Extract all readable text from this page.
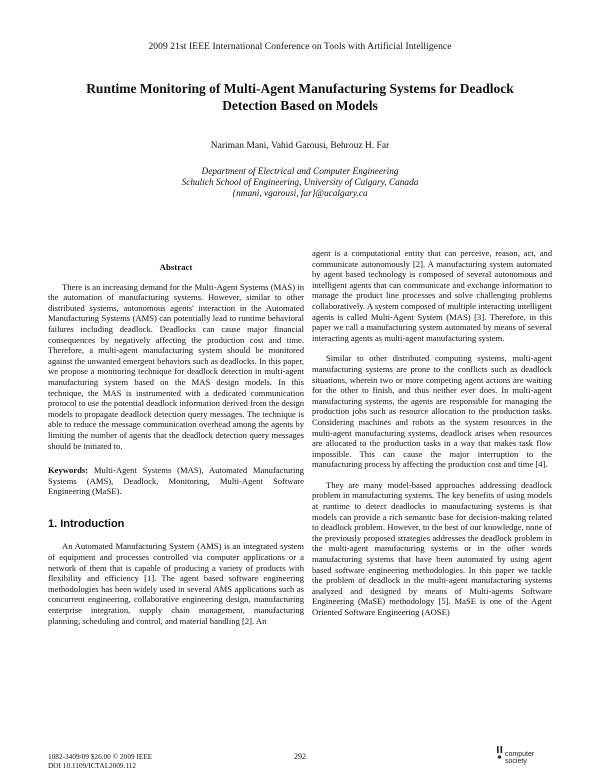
2009 21st IEEE International Conference on Tools with Artificial Intelligence
Runtime Monitoring of Multi-Agent Manufacturing Systems for Deadlock
Detection Based on Models
Nariman Mani, Vahid Garousi, Behrouz H. Far
Department of Electrical and Computer Engineering
Schulich School of Engineering, University of Calgary, Canada
{nmani, vgarousi, far}@ucalgary.ca
Abstract

There is an increasing demand for the Multi-Agent Systems (MAS) in the automation of manufacturing systems. However, similar to other distributed systems, autonomous agents' interaction in the Automated Manufacturing Systems (AMS) can potentially lead to runtime behavioral failures including deadlock. Deadlocks can cause major financial consequences by negatively affecting the production cost and time. Therefore, a multi-agent manufacturing system should be monitored against the unwanted emergent behaviors such as deadlocks. In this paper, we propose a monitoring technique for deadlock detection in multi-agent manufacturing system based on the MAS design models. In this technique, the MAS is instrumented with a dedicated communication protocol to use the potential deadlock information derived from the design models to propagate deadlock detection query messages. The technique is able to reduce the message communication overhead among the agents by limiting the number of agents that the deadlock detection query messages should be initiated to.

Keywords: Multi-Agent Systems (MAS), Automated Manufacturing Systems (AMS), Deadlock, Monitoring, Multi-Agent Software Engineering (MaSE).

1. Introduction

An Automated Manufacturing System (AMS) is an integrated system of equipment and processes controlled via computer applications or a network of them that is capable of producing a variety of products with flexibility and efficiency [1]. The agent based software engineering methodologies has been widely used in several AMS applications such as concurrent engineering, collaborative engineering design, manufacturing enterprise integration, supply chain management, manufacturing planning, scheduling and control, and material handling [2]. An

agent is a computational entity that can perceive, reason, act, and communicate autonomously [2]. A manufacturing system automated by agent based technology is composed of several autonomous and intelligent agents that can communicate and exchange information to manage the product line processes and solve challenging problems collaboratively. A system composed of multiple interacting intelligent agents is called Multi-Agent System (MAS) [3]. Therefore, in this paper we call a manufacturing system automated by means of several interacting agents as multi-agent manufacturing system.

Similar to other distributed computing systems, multi-agent manufacturing systems are prone to the conflicts such as deadlock situations, wherein two or more competing agent actions are waiting for the other to finish, and thus neither ever does. In multi-agent manufacturing systems, the agents are responsible for managing the production jobs such as resource allocation to the production tasks. Considering machines and robots as the system resources in the multi-agent manufacturing systems, deadlock arises when resources are allocated to the production tasks in a way that makes task flow impossible. This can cause the major interruption to the manufacturing process by affecting the production cost and time [4].

They are many model-based approaches addressing deadlock problem in manufacturing systems. The key benefits of using models at runtime to detect deadlocks in manufacturing systems is that models can provide a rich semantic base for decision-making related to deadlock problem. However, to the best of our knowledge, none of the previously proposed strategies addresses the deadlock problem in the multi-agent manufacturing systems or in the other words manufacturing systems that have been automated by using agent based software engineering methodologies. In this paper we tackle the problem of deadlock in the multi-agent manufacturing systems analyzed and designed by means of Multi-agents Software Engineering (MaSE) methodology [5]. MaSE is one of the Agent Oriented Software Engineering (AOSE)

1082-3409/09 $26.00 © 2009 IEEE
DOI 10.1109/ICTAI.2009.112
292	computer
society
